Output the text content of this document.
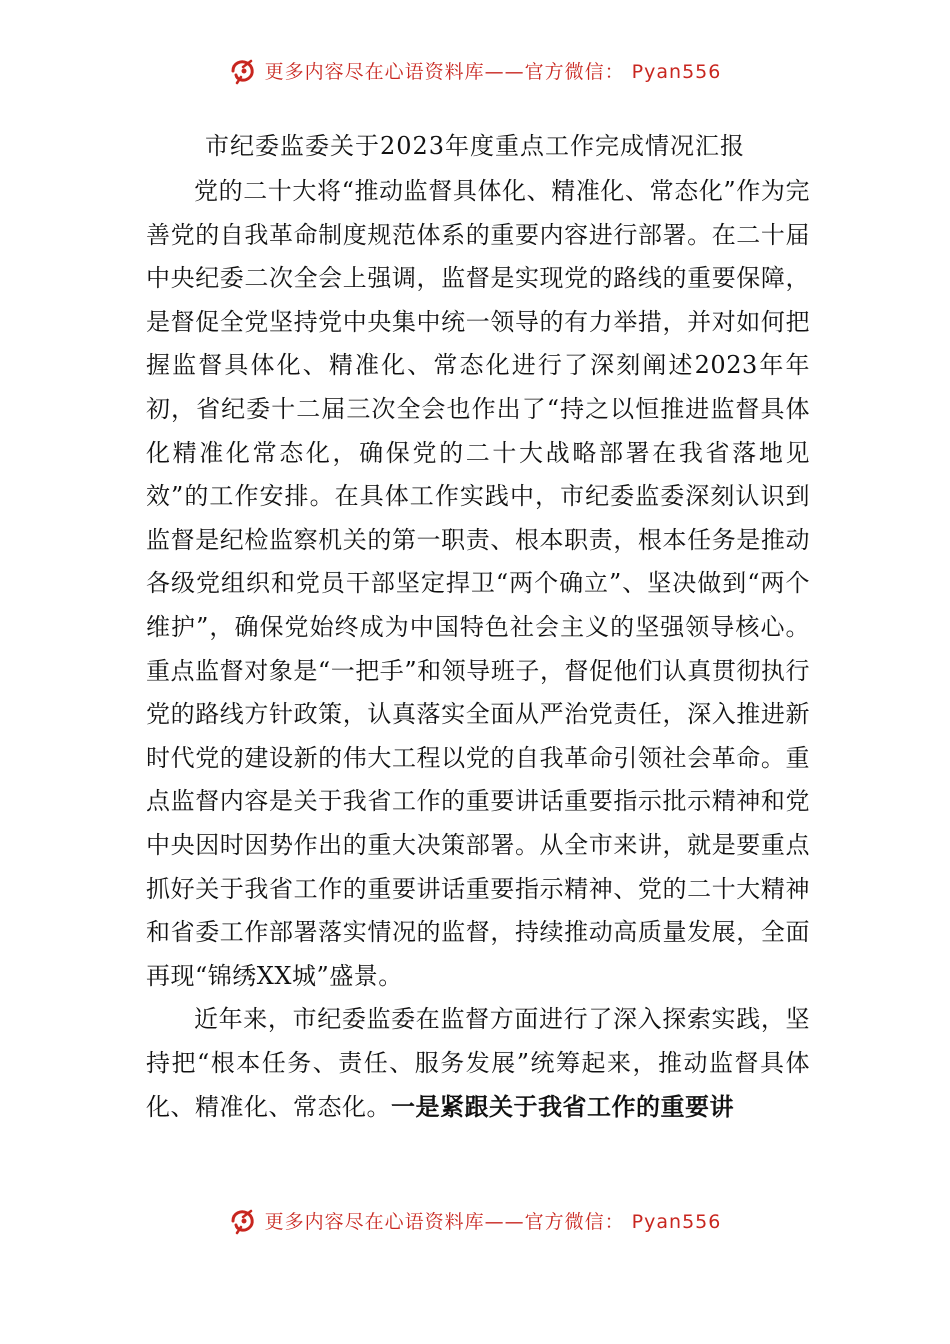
更多内容尽在心语资料库——官方微信： Pyan556
市纪委监委关于2023年度重点工作完成情况汇报

党的二十大将“推动监督具体化、精准化、常态化”作为完善党的自我革命制度规范体系的重要内容进行部署。在二十届中央纪委二次全会上强调，监督是实现党的路线的重要保障，是督促全党坚持党中央集中统一领导的有力举措，并对如何把握监督具体化、精准化、常态化进行了深刻阐述2023年年初，省纪委十二届三次全会也作出了“持之以恒推进监督具体化精准化常态化，确保党的二十大战略部署在我省落地见效”的工作安排。在具体工作实践中，市纪委监委深刻认识到监督是纪检监察机关的第一职责、根本职责，根本任务是推动各级党组织和党员干部坚定捍卫“两个确立”、坚决做到“两个维护”，确保党始终成为中国特色社会主义的坚强领导核心。重点监督对象是“一把手”和领导班子，督促他们认真贯彻执行党的路线方针政策，认真落实全面从严治党责任，深入推进新时代党的建设新的伟大工程以党的自我革命引领社会革命。重点监督内容是关于我省工作的重要讲话重要指示批示精神和党中央因时因势作出的重大决策部署。从全市来讲，就是要重点抓好关于我省工作的重要讲话重要指示精神、党的二十大精神和省委工作部署落实情况的监督，持续推动高质量发展，全面再现“锦绣XX城”盛景。

近年来，市纪委监委在监督方面进行了深入探索实践，坚持把“根本任务、责任、服务发展”统筹起来，推动监督具体化、精准化、常态化。一是紧跟关于我省工作的重要讲

更多内容尽在心语资料库——官方微信： Pyan556
